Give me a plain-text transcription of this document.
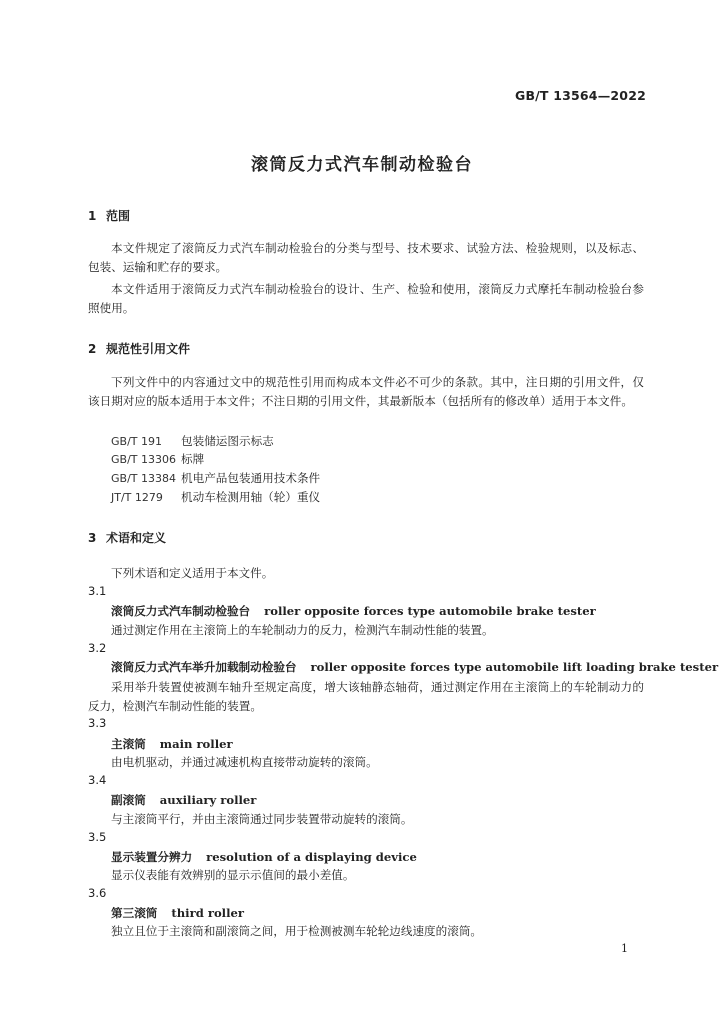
GB/T 13564—2022
滚筒反力式汽车制动检验台
1 范围

本文件规定了滚筒反力式汽车制动检验台的分类与型号、技术要求、试验方法、检验规则，以及标志、包装、运输和贮存的要求。

本文件适用于滚筒反力式汽车制动检验台的设计、生产、检验和使用，滚筒反力式摩托车制动检验台参照使用。

2 规范性引用文件

下列文件中的内容通过文中的规范性引用而构成本文件必不可少的条款。其中，注日期的引用文件，仅该日期对应的版本适用于本文件；不注日期的引用文件，其最新版本（包括所有的修改单）适用于本文件。

GB/T 191 包装储运图示标志
GB/T 13306 标牌
GB/T 13384 机电产品包装通用技术条件
JT/T 1279 机动车检测用轴（轮）重仪
3 术语和定义

下列术语和定义适用于本文件。

3.1
滚筒反力式汽车制动检验台 roller opposite forces type automobile brake tester

通过测定作用在主滚筒上的车轮制动力的反力，检测汽车制动性能的装置。

3.2
滚筒反力式汽车举升加载制动检验台 roller opposite forces type automobile lift loading brake tester

采用举升装置使被测车轴升至规定高度，增大该轴静态轴荷，通过测定作用在主滚筒上的车轮制动力的反力，检测汽车制动性能的装置。

3.3
主滚筒 main roller

由电机驱动，并通过减速机构直接带动旋转的滚筒。

3.4
副滚筒 auxiliary roller

与主滚筒平行，并由主滚筒通过同步装置带动旋转的滚筒。

3.5
显示装置分辨力 resolution of a displaying device

显示仪表能有效辨别的显示示值间的最小差值。

3.6
第三滚筒 third roller

独立且位于主滚筒和副滚筒之间，用于检测被测车轮轮边线速度的滚筒。

1
